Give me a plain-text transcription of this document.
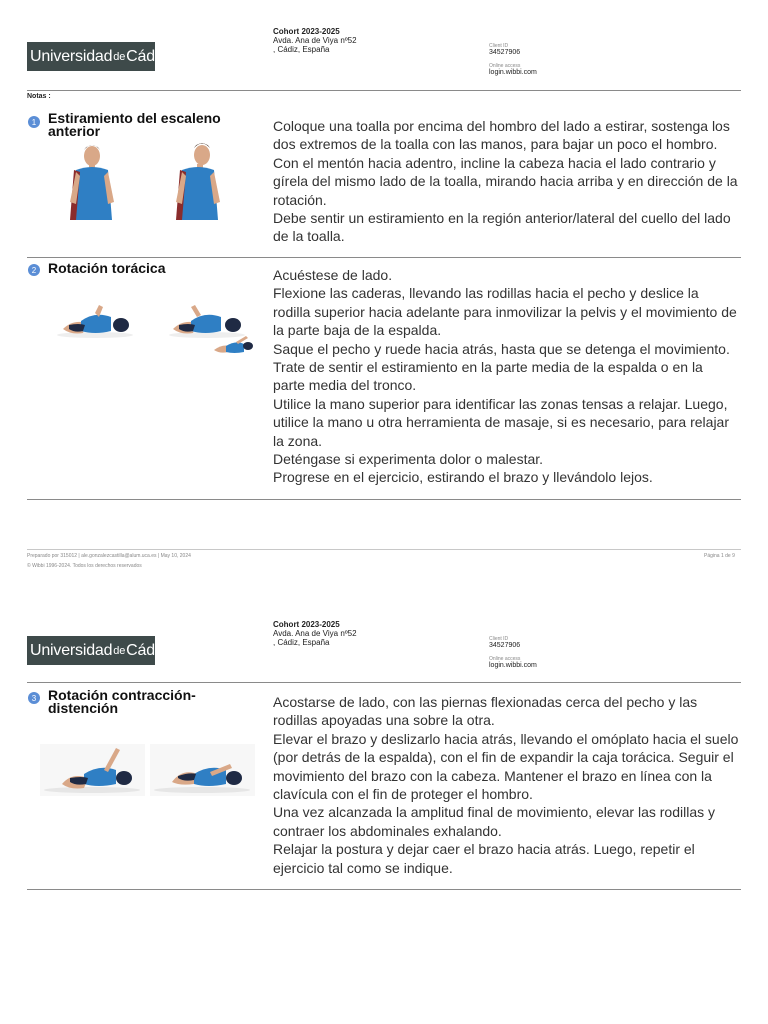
Universidad de Cádiz
Cohort 2023-2025
Avda. Ana de Viya nº52
, Cádiz, España	Client ID
34527906
Online access
login.wibbi.com
Notas :
1 Estiramiento del escaleno
anterior	Coloque una toalla por encima del hombro del lado a estirar, sostenga los
dos extremos de la toalla con las manos, para bajar un poco el hombro.
Con el mentón hacia adentro, incline la cabeza hacia el lado contrario y
gírela del mismo lado de la toalla, mirando hacia arriba y en dirección de la
rotación.
Debe sentir un estiramiento en la región anterior/lateral del cuello del lado
de la toalla.
2 Rotación torácica	Acuéstese de lado.
Flexione las caderas, llevando las rodillas hacia el pecho y deslice la
rodilla superior hacia adelante para inmovilizar la pelvis y el movimiento de
la parte baja de la espalda.
Saque el pecho y ruede hacia atrás, hasta que se detenga el movimiento.
Trate de sentir el estiramiento en la parte media de la espalda o en la
parte media del tronco.
Utilice la mano superior para identificar las zonas tensas a relajar. Luego,
utilice la mano u otra herramienta de masaje, si es necesario, para relajar
la zona.
Deténgase si experimenta dolor o malestar.
Progrese en el ejercicio, estirando el brazo y llevándolo lejos.
Preparado por 315012 | ale.gonzalezcastilla@alum.uca.es | May 10, 2024
© Wibbi 1996-2024. Todos los derechos reservados
Página 1 de 9
Universidad de Cádiz
Cohort 2023-2025
Avda. Ana de Viya nº52
, Cádiz, España	Client ID
34527906
Online access
login.wibbi.com
3 Rotación contracción-
distención	Acostarse de lado, con las piernas flexionadas cerca del pecho y las
rodillas apoyadas una sobre la otra.
Elevar el brazo y deslizarlo hacia atrás, llevando el omóplato hacia el suelo
(por detrás de la espalda), con el fin de expandir la caja torácica. Seguir el
movimiento del brazo con la cabeza. Mantener el brazo en línea con la
clavícula con el fin de proteger el hombro.
Una vez alcanzada la amplitud final de movimiento, elevar las rodillas y
contraer los abdominales exhalando.
Relajar la postura y dejar caer el brazo hacia atrás. Luego, repetir el
ejercicio tal como se indique.
